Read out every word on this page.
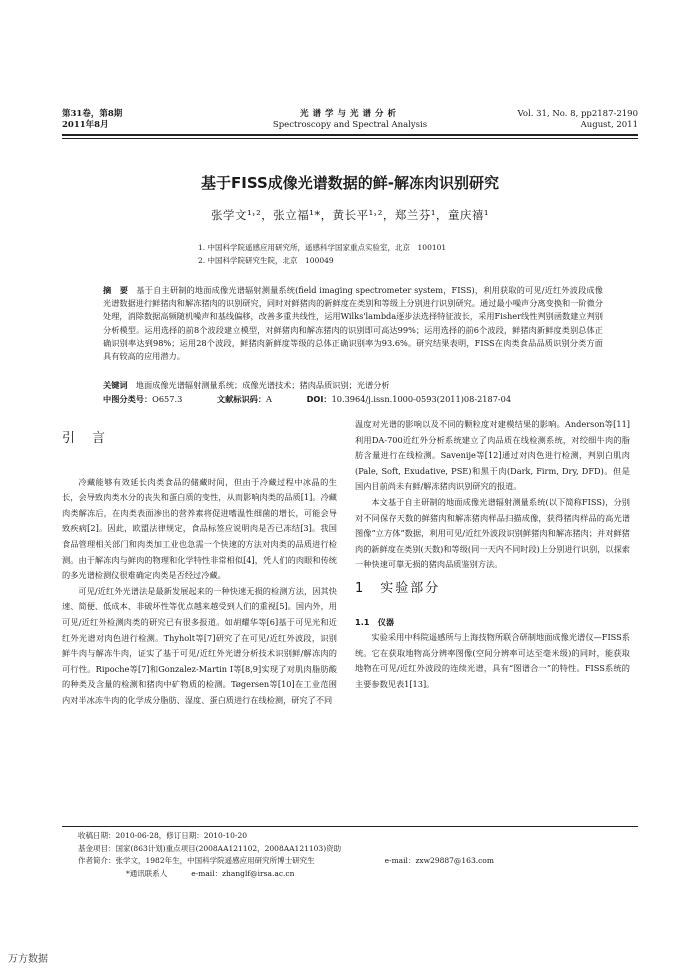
第31卷，第8期
2011年8月
光谱学与光谱分析
Spectroscopy and Spectral Analysis
Vol. 31, No. 8, pp2187-2190
August, 2011
基于FISS成像光谱数据的鲜-解冻肉识别研究
张学文¹˒²，张立福¹*，黄长平¹˒²，郑兰芬¹，童庆禧¹
1. 中国科学院遥感应用研究所，遥感科学国家重点实验室，北京　100101
2. 中国科学院研究生院，北京　100049
摘　要　 基于自主研制的地面成像光谱辐射测量系统(field imaging spectrometer system，FISS)，利用获取的可见/近红外波段成像光谱数据进行鲜猪肉和解冻猪肉的识别研究，同时对鲜猪肉的新鲜度在类别和等级上分别进行识别研究。通过最小噪声分离变换和一阶微分处理，消除数据高频随机噪声和基线偏移，改善多重共线性，运用Wilks'lambda逐步法选择特征波长，采用Fisher线性判别函数建立判别分析模型。运用选择的前8个波段建立模型，对鲜猪肉和解冻猪肉的识别即可高达99%；运用选择的前6个波段，鲜猪肉新鲜度类别总体正确识别率达到98%；运用28个波段，鲜猪肉新鲜度等级的总体正确识别率为93.6%。研究结果表明，FISS在肉类食品品质识别分类方面具有较高的应用潜力。
关键词　 地面成像光谱辐射测量系统；成像光谱技术；猪肉品质识别；光谱分析
中图分类号：O657.3	文献标识码：A	DOI：10.3964/j.issn.1000-0593(2011)08-2187-04
引　言

冷藏能够有效延长肉类食品的储藏时间，但由于冷藏过程中冰晶的生长，会导致肉类水分的丧失和蛋白质的变性，从而影响肉类的品质[1]。冷藏肉类解冻后，在肉类表面渗出的营养素将促进嗜温性细菌的增长，可能会导致疾病[2]。因此，欧盟法律规定，食品标签应说明肉是否已冻结[3]。我国食品管理相关部门和肉类加工业也急需一个快速的方法对肉类的品质进行检测。由于解冻肉与鲜肉的物理和化学特性非常相似[4]，凭人们的肉眼和传统的多光谱检测仪很难确定肉类是否经过冷藏。

可见/近红外光谱法是最新发展起来的一种快速无损的检测方法，因其快速、简便、低成本、非破坏性等优点越来越受到人们的重视[5]。国内外，用可见/近红外检测肉类的研究已有很多报道。如胡耀华等[6]基于可见光和近红外光谱对肉色进行检测。Thyholt等[7]研究了在可见/近红外波段，识别鲜牛肉与解冻牛肉，证实了基于可见/近红外光谱分析技术识别鲜/解冻肉的可行性。Ripoche等[7]和Gonzalez-Martin I等[8,9]实现了对肌肉脂肪酸的种类及含量的检测和猪肉中矿物质的检测。Tøgersen等[10]在工业范围内对半冰冻牛肉的化学成分脂肪、湿度、蛋白质进行在线检测，研究了不同

温度对光谱的影响以及不同的颗粒度对建模结果的影响。Anderson等[11]利用DA-700近红外分析系统建立了肉品质在线检测系统，对绞细牛肉的脂肪含量进行在线检测。Savenije等[12]通过对肉色进行检测，判别白肌肉(Pale, Soft, Exudative, PSE)和黑干肉(Dark, Firm, Dry, DFD)。但是国内目前尚未有鲜/解冻猪肉识别研究的报道。

本文基于自主研制的地面成像光谱辐射测量系统(以下简称FISS)，分别对不同保存天数的鲜猪肉和解冻猪肉样品扫描成像，获得猪肉样品的高光谱图像“立方体”数据，利用可见/近红外波段识别鲜猪肉和解冻猪肉；并对鲜猪肉的新鲜度在类别(天数)和等级(同一天内不同时段)上分别进行识别，以探索一种快速可靠无损的猪肉品质鉴别方法。

1　实验部分
1.1　仪器

实验采用中科院遥感所与上海技物所联合研制地面成像光谱仪—FISS系统。它在获取地物高分辨率图像(空间分辨率可达至毫米级)的同时，能获取地物在可见/近红外波段的连续光谱，具有“图谱合一”的特性。FISS系统的主要参数见表1[13]。

收稿日期：2010-06-28，修订日期：2010-10-20
基金项目：国家(863计划)重点项目(2008AA121102，2008AA121103)资助
作者简介：张学文，1982年生，中国科学院遥感应用研究所博士研究生	e-mail：zxw29887@163.com
*通讯联系人	e-mail：zhanglf@irsa.ac.cn
万方数据
